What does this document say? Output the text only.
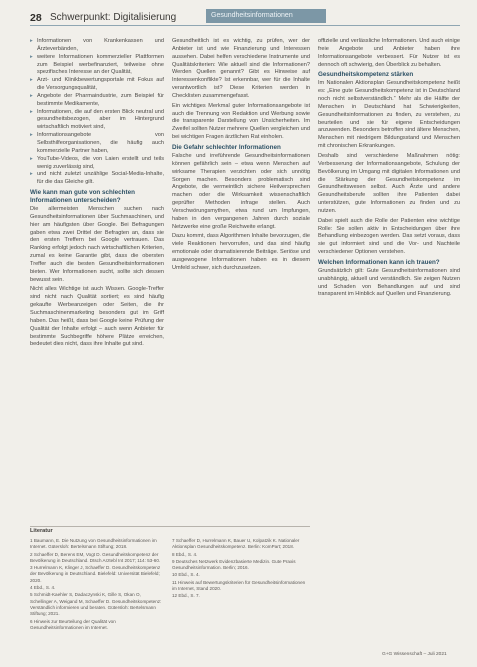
28 Schwerpunkt: Digitalisierung	Gesundheitsinformationen
▸ Informationen von Krankenkassen und Ärzteverbänden,
▸ weitere Informationen kommerzieller Plattformen zum Beispiel werbefinanziert, teilweise ohne spezifisches Interesse an der Qualität,
▸ Arzt- und Klinikbewertungsportale mit Fokus auf die Versorgungsqualität,
▸ Angebote der Pharmaindustrie, zum Beispiel für bestimmte Medikamente,
▸ Informationen, die auf den ersten Blick neutral und gesundheitsbezogen, aber im Hintergrund wirtschaftlich motiviert sind,
▸ Informationsangebote von Selbsthilfeorganisationen, die häufig auch kommerzielle Partner haben,
▸ YouTube-Videos, die von Laien erstellt und teils wenig zuverlässig sind,
▸ und nicht zuletzt unzählige Social-Media-Inhalte, für die das Gleiche gilt.
Wie kann man gute von schlechten Informationen unterscheiden?

Die allermeisten Menschen suchen nach Gesundheitsinformationen über Suchmaschinen, und hier am häufigsten über Google. Bei Befragungen gaben etwa zwei Drittel der Befragten an, dass sie den ersten Treffern bei Google vertrauen. Das Ranking erfolgt jedoch nach wirtschaftlichen Kriterien, zumal es keine Garantie gibt, dass die obersten Treffer auch die besten Gesundheitsinformationen bieten. Wer Informationen sucht, sollte sich dessen bewusst sein.

Nicht alles Wichtige ist auch Wissen. Google-Treffer sind nicht nach Qualität sortiert; es sind häufig gekaufte Werbeanzeigen oder Seiten, die ihr Suchmaschinenmarketing besonders gut im Griff haben. Das heißt, dass bei Google keine Prüfung der Qualität der Inhalte erfolgt – auch wenn Anbieter für bestimmte Suchbegriffe höhere Plätze erreichen, bedeutet dies nicht, dass ihre Inhalte gut sind.

Gesundheitlich ist es wichtig, zu prüfen, wer der Anbieter ist und wie Finanzierung und Interessen aussehen. Dabei helfen verschiedene Instrumente und Qualitätskriterien: Wie aktuell sind die Informationen? Werden Quellen genannt? Gibt es Hinweise auf Interessenkonflikte? Ist erkennbar, wer für die Inhalte verantwortlich ist? Diese Kriterien werden in Checklisten zusammengefasst.

Ein wichtiges Merkmal guter Informationsangebote ist auch die Trennung von Redaktion und Werbung sowie die transparente Darstellung von Unsicherheiten. Im Zweifel sollten Nutzer mehrere Quellen vergleichen und bei wichtigen Fragen ärztlichen Rat einholen.

Die Gefahr schlechter Informationen

Falsche und irreführende Gesundheitsinformationen können gefährlich sein – etwa wenn Menschen auf wirksame Therapien verzichten oder sich unnötig Sorgen machen. Besonders problematisch sind Angebote, die vermeintlich sichere Heilversprechen machen oder die Wirksamkeit wissenschaftlich geprüfter Methoden infrage stellen. Auch Verschwörungsmythen, etwa rund um Impfungen, haben in den vergangenen Jahren durch soziale Netzwerke eine große Reichweite erlangt.

Dazu kommt, dass Algorithmen Inhalte bevorzugen, die viele Reaktionen hervorrufen, und das sind häufig emotionale oder dramatisierende Beiträge. Seriöse und ausgewogene Informationen haben es in diesem Umfeld schwer, sich durchzusetzen.

offizielle und verlässliche Informationen. Und auch einige freie Angebote und Anbieter haben ihre Informationsangebote verbessert. Für Nutzer ist es dennoch oft schwierig, den Überblick zu behalten.

Gesundheitskompetenz stärken

Im Nationalen Aktionsplan Gesundheitskompetenz heißt es: „Eine gute Gesundheitskompetenz ist in Deutschland noch nicht selbstverständlich.“ Mehr als die Hälfte der Menschen in Deutschland hat Schwierigkeiten, Gesundheitsinformationen zu finden, zu verstehen, zu beurteilen und sie für eigene Entscheidungen anzuwenden. Besonders betroffen sind ältere Menschen, Menschen mit niedrigem Bildungsstand und Menschen mit chronischen Erkrankungen.

Deshalb sind verschiedene Maßnahmen nötig: Verbesserung der Informationsangebote, Schulung der Bevölkerung im Umgang mit digitalen Informationen und die Stärkung der Gesundheitskompetenz im Gesundheitswesen selbst. Auch Ärzte und andere Gesundheitsberufe sollten ihre Patienten dabei unterstützen, gute Informationen zu finden und zu nutzen.

Dabei spielt auch die Rolle der Patienten eine wichtige Rolle: Sie sollen aktiv in Entscheidungen über ihre Behandlung einbezogen werden. Das setzt voraus, dass sie gut informiert sind und die Vor- und Nachteile verschiedener Optionen verstehen.

Welchen Informationen kann ich trauen?

Grundsätzlich gilt: Gute Gesundheitsinformationen sind unabhängig, aktuell und verständlich. Sie zeigen Nutzen und Schaden von Behandlungen auf und sind transparent im Hinblick auf Quellen und Finanzierung.

Literatur
1 Baumann, E. Die Nutzung von Gesundheitsinformationen im Internet. Gütersloh: Bertelsmann Stiftung; 2018.
2 Schaeffer D, Berens EM, Vogt D. Gesundheitskompetenz der Bevölkerung in Deutschland. Dtsch Arztebl Int 2017; 114: 53-60.
3 Hurrelmann K, Klinger J, Schaeffer D. Gesundheitskompetenz der Bevölkerung in Deutschland. Bielefeld: Universität Bielefeld; 2020.
4 Ebd., S. 4.
5 Schmidt-Kaehler S, Dadaczynski K, Gille S, Okan O, Schellinger A, Weigand M, Schaeffer D. Gesundheitskompetenz: Verständlich informieren und beraten. Gütersloh: Bertelsmann Stiftung; 2021.
6 Hinweis zur Beurteilung der Qualität von Gesundheitsinformationen im Internet.
7 Schaeffer D, Hurrelmann K, Bauer U, Kolpatzik K. Nationaler Aktionsplan Gesundheitskompetenz. Berlin: KomPart; 2018.
8 Ebd., S. 4.
9 Deutsches Netzwerk Evidenzbasierte Medizin. Gute Praxis Gesundheitsinformation. Berlin; 2016.
10 Ebd., S. 4.
11 Hinweis auf Bewertungskriterien für Gesundheitsinformationen im Internet, Stand 2020.
12 Ebd., S. 7.
G+G Wissenschaft – Juli 2021
